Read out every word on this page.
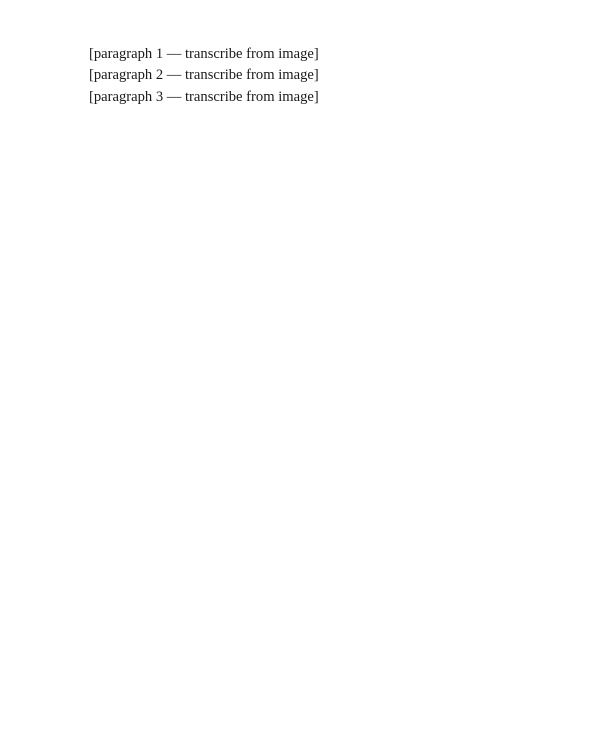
[paragraph 1 — transcribe from image]

[paragraph 2 — transcribe from image]

[paragraph 3 — transcribe from image]
